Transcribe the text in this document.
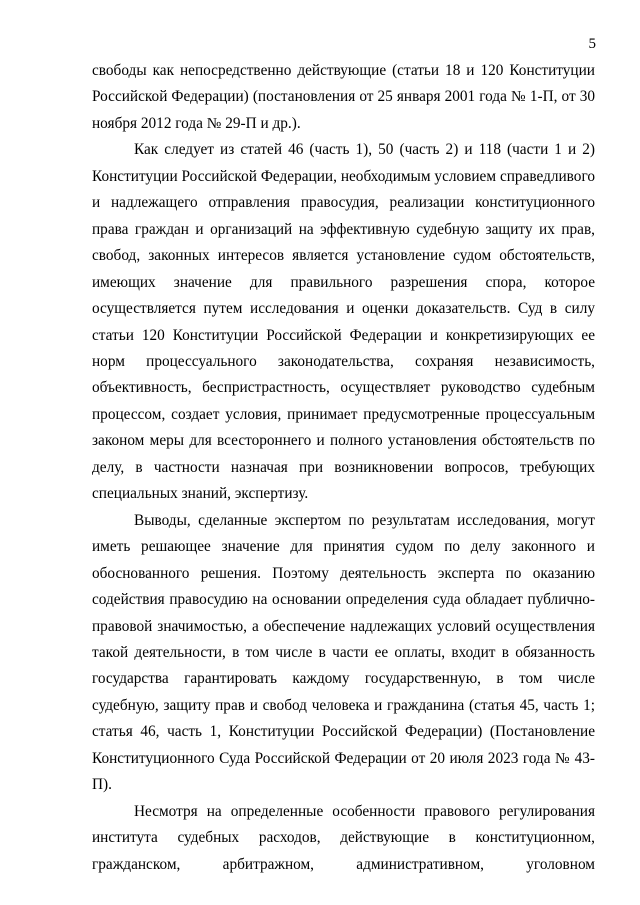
5

свободы как непосредственно действующие (статьи 18 и 120 Конституции Российской Федерации) (постановления от 25 января 2001 года № 1-П, от 30 ноября 2012 года № 29-П и др.).

Как следует из статей 46 (часть 1), 50 (часть 2) и 118 (части 1 и 2) Конституции Российской Федерации, необходимым условием справедливого и надлежащего отправления правосудия, реализации конституционного права граждан и организаций на эффективную судебную защиту их прав, свобод, законных интересов является установление судом обстоятельств, имеющих значение для правильного разрешения спора, которое осуществляется путем исследования и оценки доказательств. Суд в силу статьи 120 Конституции Российской Федерации и конкретизирующих ее норм процессуального законодательства, сохраняя независимость, объективность, беспристрастность, осуществляет руководство судебным процессом, создает условия, принимает предусмотренные процессуальным законом меры для всестороннего и полного установления обстоятельств по делу, в частности назначая при возникновении вопросов, требующих специальных знаний, экспертизу.

Выводы, сделанные экспертом по результатам исследования, могут иметь решающее значение для принятия судом по делу законного и обоснованного решения. Поэтому деятельность эксперта по оказанию содействия правосудию на основании определения суда обладает публично-правовой значимостью, а обеспечение надлежащих условий осуществления такой деятельности, в том числе в части ее оплаты, входит в обязанность государства гарантировать каждому государственную, в том числе судебную, защиту прав и свобод человека и гражданина (статья 45, часть 1; статья 46, часть 1, Конституции Российской Федерации) (Постановление Конституционного Суда Российской Федерации от 20 июля 2023 года № 43-П).

Несмотря на определенные особенности правового регулирования института судебных расходов, действующие в конституционном, гражданском, арбитражном, административном, уголовном
